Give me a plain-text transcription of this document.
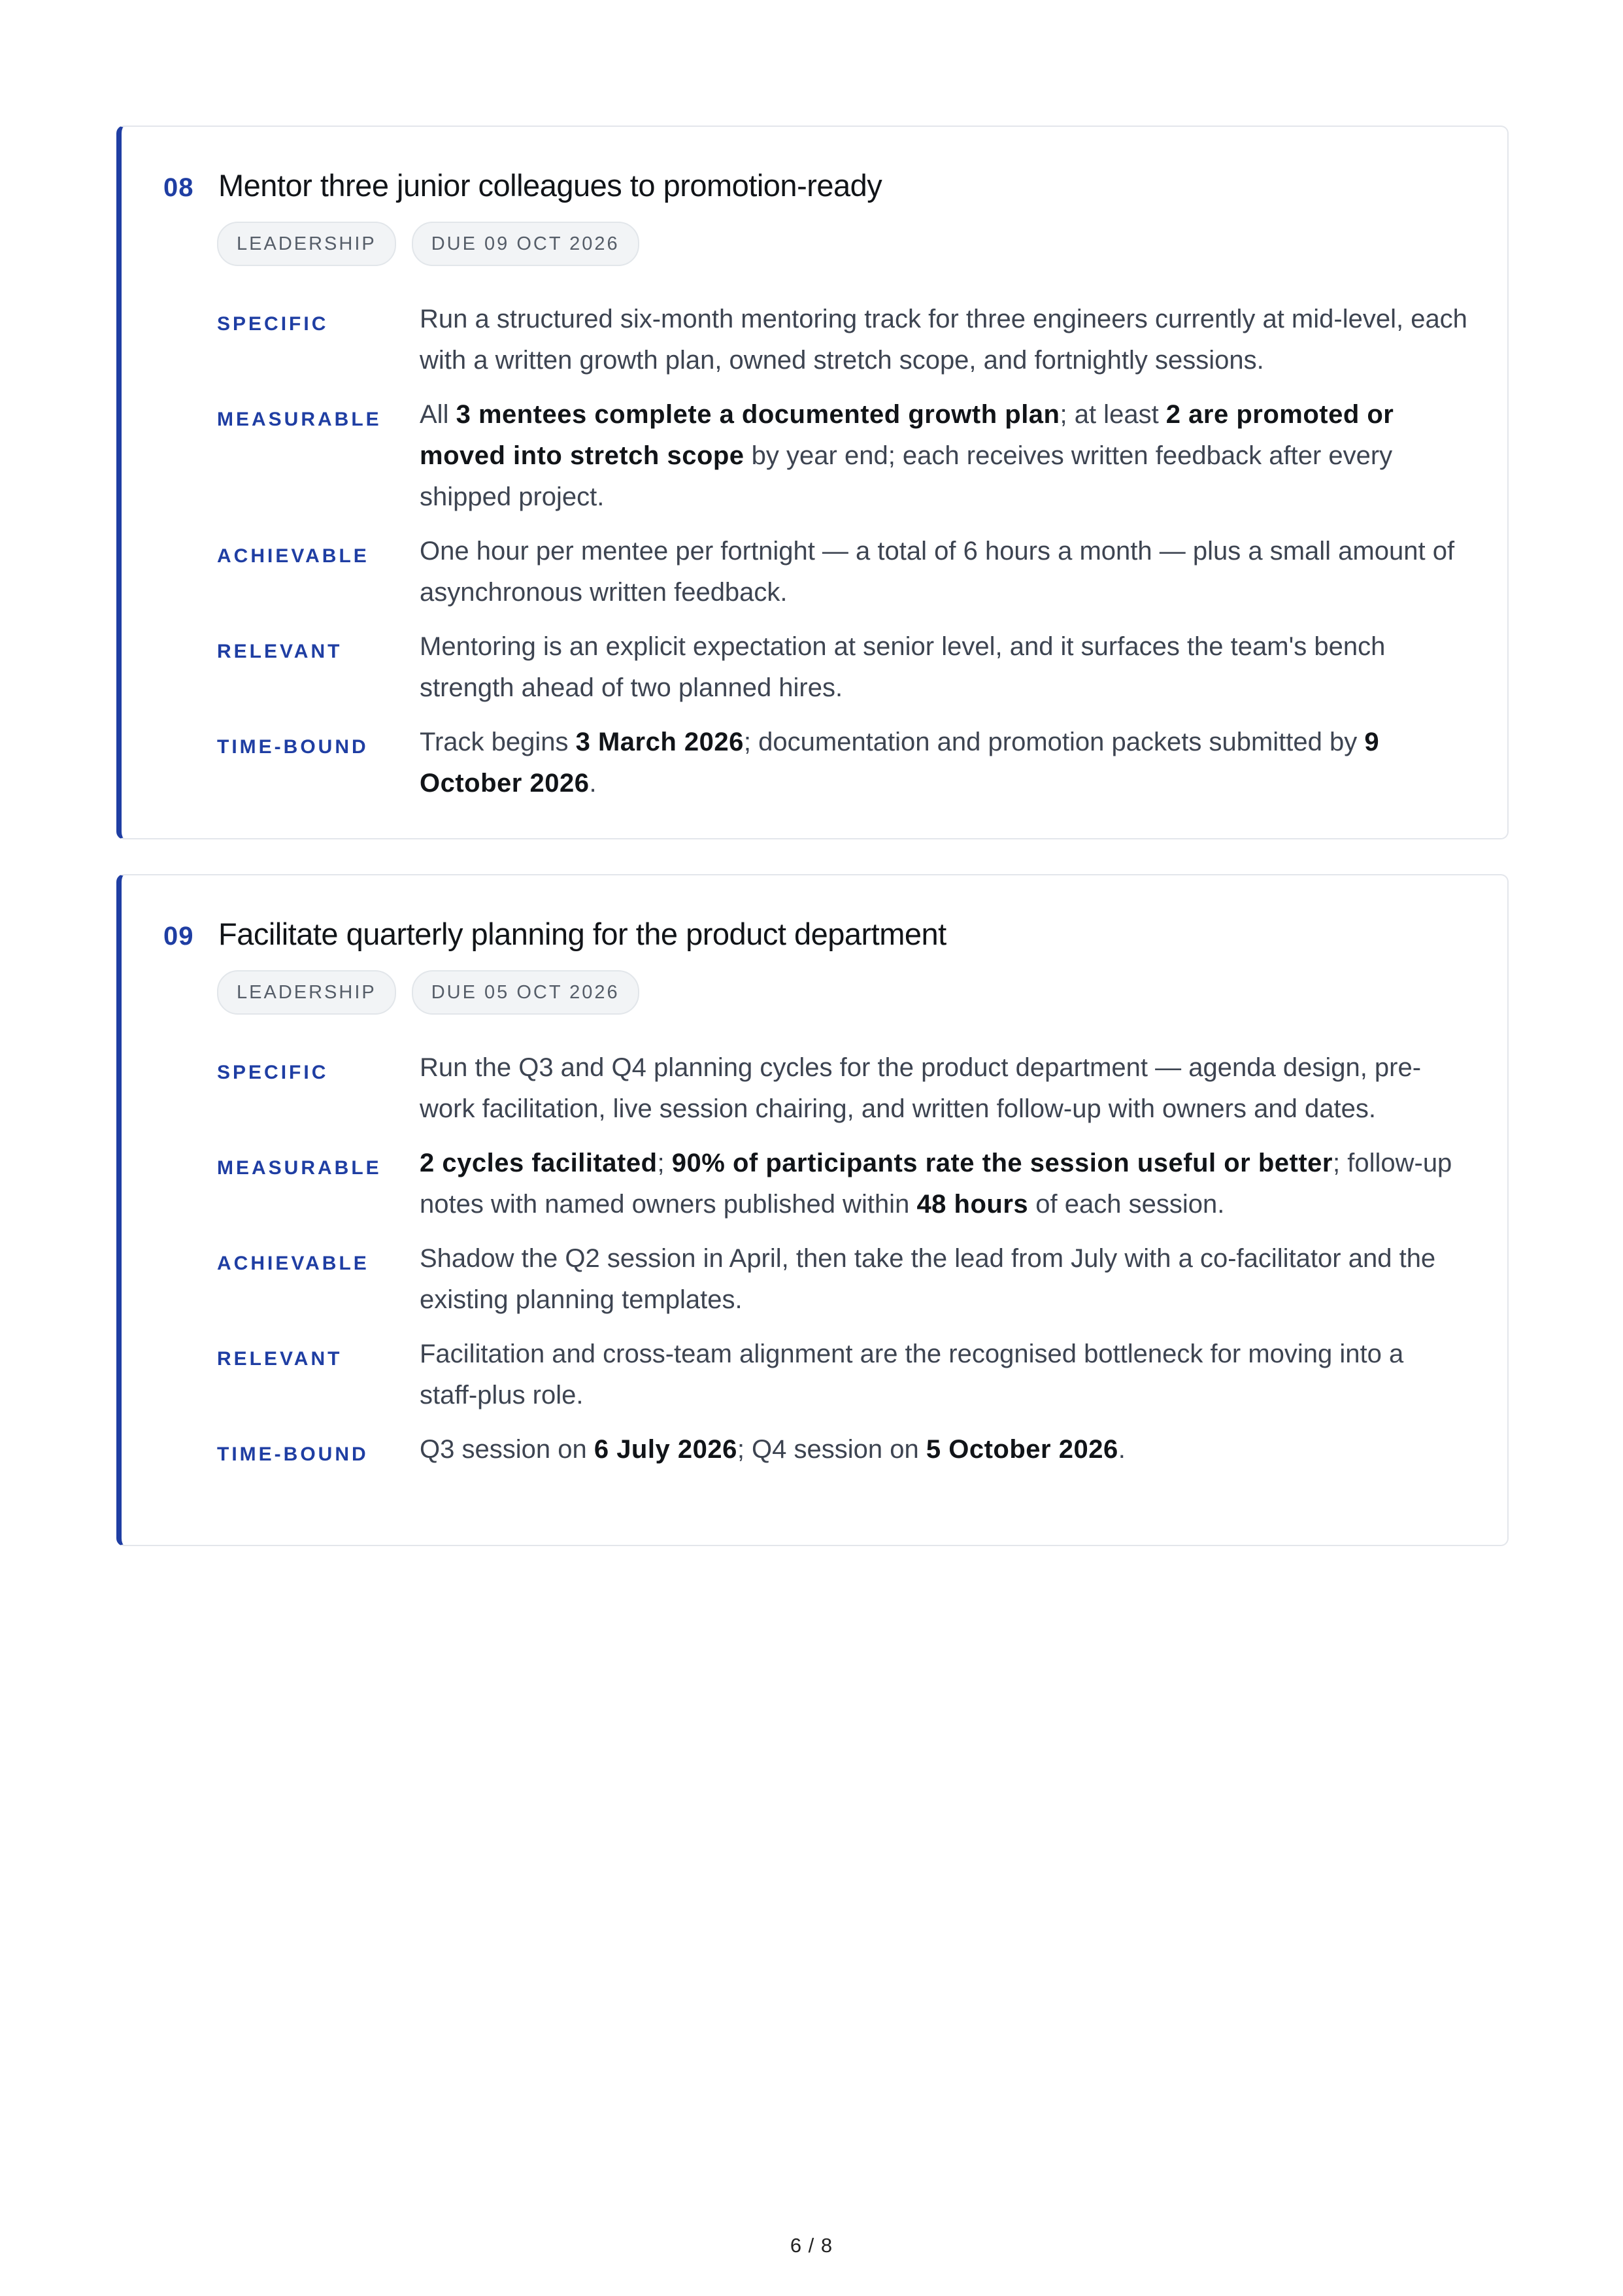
08 Mentor three junior colleagues to promotion-ready
LEADERSHIP	DUE 09 OCT 2026
SPECIFIC	Run a structured six-month mentoring track for three engineers currently at mid-level, each with a written growth plan, owned stretch scope, and fortnightly sessions.
MEASURABLE	All 3 mentees complete a documented growth plan; at least 2 are promoted or moved into stretch scope by year end; each receives written feedback after every shipped project.
ACHIEVABLE	One hour per mentee per fortnight — a total of 6 hours a month — plus a small amount of asynchronous written feedback.
RELEVANT	Mentoring is an explicit expectation at senior level, and it surfaces the team's bench strength ahead of two planned hires.
TIME-BOUND	Track begins 3 March 2026; documentation and promotion packets submitted by 9 October 2026.
09 Facilitate quarterly planning for the product department
LEADERSHIP	DUE 05 OCT 2026
SPECIFIC	Run the Q3 and Q4 planning cycles for the product department — agenda design, pre-work facilitation, live session chairing, and written follow-up with owners and dates.
MEASURABLE	2 cycles facilitated; 90% of participants rate the session useful or better; follow-up notes with named owners published within 48 hours of each session.
ACHIEVABLE	Shadow the Q2 session in April, then take the lead from July with a co-facilitator and the existing planning templates.
RELEVANT	Facilitation and cross-team alignment are the recognised bottleneck for moving into a staff-plus role.
TIME-BOUND	Q3 session on 6 July 2026; Q4 session on 5 October 2026.
6 / 8
